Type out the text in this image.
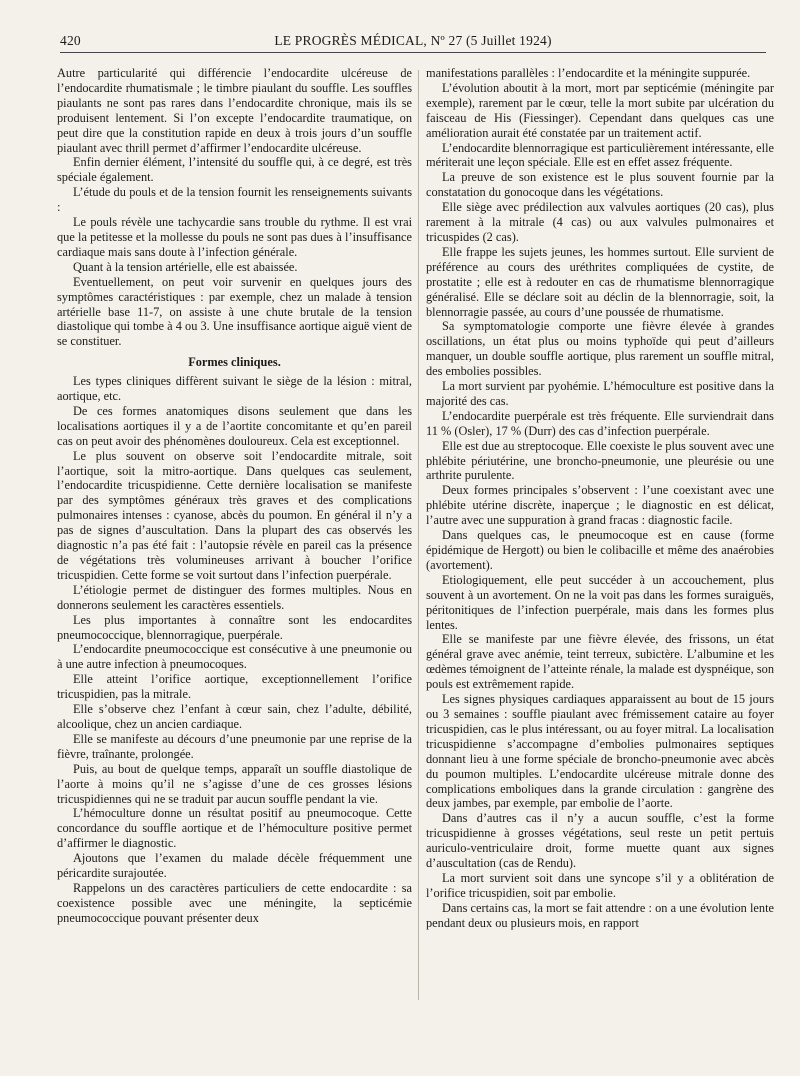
420	LE PROGRÈS MÉDICAL, Nº 27 (5 Juillet 1924)

Autre particularité qui différencie l’endocardite ulcéreuse de l’endocardite rhumatismale ; le timbre piaulant du souffle. Les souffles piaulants ne sont pas rares dans l’endocardite chronique, mais ils se produisent lentement. Si l’on excepte l’endocardite traumatique, on peut dire que la constitution rapide en deux à trois jours d’un souffle piaulant avec thrill permet d’affirmer l’endocardite ulcéreuse.

Enfin dernier élément, l’intensité du souffle qui, à ce degré, est très spéciale également.

L’étude du pouls et de la tension fournit les renseignements suivants :

Le pouls révèle une tachycardie sans trouble du rythme. Il est vrai que la petitesse et la mollesse du pouls ne sont pas dues à l’insuffisance cardiaque mais sans doute à l’infection générale.

Quant à la tension artérielle, elle est abaissée.

Eventuellement, on peut voir survenir en quelques jours des symptômes caractéristiques : par exemple, chez un malade à tension artérielle base 11-7, on assiste à une chute brutale de la tension diastolique qui tombe à 4 ou 3. Une insuffisance aortique aiguë vient de se constituer.

Formes cliniques.

Les types cliniques diffèrent suivant le siège de la lésion : mitral, aortique, etc.

De ces formes anatomiques disons seulement que dans les localisations aortiques il y a de l’aortite concomitante et qu’en pareil cas on peut avoir des phénomènes douloureux. Cela est exceptionnel.

Le plus souvent on observe soit l’endocardite mitrale, soit l’aortique, soit la mitro-aortique. Dans quelques cas seulement, l’endocardite tricuspidienne. Cette dernière localisation se manifeste par des symptômes généraux très graves et des complications pulmonaires intenses : cyanose, abcès du poumon. En général il n’y a pas de signes d’auscultation. Dans la plupart des cas observés les diagnostic n’a pas été fait : l’autopsie révèle en pareil cas la présence de végétations très volumineuses arrivant à boucher l’orifice tricuspidien. Cette forme se voit surtout dans l’infection puerpérale.

L’étiologie permet de distinguer des formes multiples. Nous en donnerons seulement les caractères essentiels.

Les plus importantes à connaître sont les endocardites pneumococcique, blennorragique, puerpérale.

L’endocardite pneumococcique est consécutive à une pneumonie ou à une autre infection à pneumocoques.

Elle atteint l’orifice aortique, exceptionnellement l’orifice tricuspidien, pas la mitrale.

Elle s’observe chez l’enfant à cœur sain, chez l’adulte, débilité, alcoolique, chez un ancien cardiaque.

Elle se manifeste au décours d’une pneumonie par une reprise de la fièvre, traînante, prolongée.

Puis, au bout de quelque temps, apparaît un souffle diastolique de l’aorte à moins qu’il ne s’agisse d’une de ces grosses lésions tricuspidiennes qui ne se traduit par aucun souffle pendant la vie.

L’hémoculture donne un résultat positif au pneumocoque. Cette concordance du souffle aortique et de l’hémoculture positive permet d’affirmer le diagnostic.

Ajoutons que l’examen du malade décèle fréquemment une péricardite surajoutée.

Rappelons un des caractères particuliers de cette endocardite : sa coexistence possible avec une méningite, la septicémie pneumococcique pouvant présenter deux

manifestations parallèles : l’endocardite et la méningite suppurée.

L’évolution aboutit à la mort, mort par septicémie (méningite par exemple), rarement par le cœur, telle la mort subite par ulcération du faisceau de His (Fiessinger). Cependant dans quelques cas une amélioration aurait été constatée par un traitement actif.

L’endocardite blennorragique est particulièrement intéressante, elle mériterait une leçon spéciale. Elle est en effet assez fréquente.

La preuve de son existence est le plus souvent fournie par la constatation du gonocoque dans les végétations.

Elle siège avec prédilection aux valvules aortiques (20 cas), plus rarement à la mitrale (4 cas) ou aux valvules pulmonaires et tricuspides (2 cas).

Elle frappe les sujets jeunes, les hommes surtout. Elle survient de préférence au cours des uréthrites compliquées de cystite, de prostatite ; elle est à redouter en cas de rhumatisme blennorragique généralisé. Elle se déclare soit au déclin de la blennorragie, soit, la blennorragie passée, au cours d’une poussée de rhumatisme.

Sa symptomatologie comporte une fièvre élevée à grandes oscillations, un état plus ou moins typhoïde qui peut d’ailleurs manquer, un double souffle aortique, plus rarement un souffle mitral, des embolies possibles.

La mort survient par pyohémie. L’hémoculture est positive dans la majorité des cas.

L’endocardite puerpérale est très fréquente. Elle surviendrait dans 11 % (Osler), 17 % (Durr) des cas d’infection puerpérale.

Elle est due au streptocoque. Elle coexiste le plus souvent avec une phlébite périutérine, une broncho-pneumonie, une pleurésie ou une arthrite purulente.

Deux formes principales s’observent : l’une coexistant avec une phlébite utérine discrète, inaperçue ; le diagnostic en est délicat, l’autre avec une suppuration à grand fracas : diagnostic facile.

Dans quelques cas, le pneumocoque est en cause (forme épidémique de Hergott) ou bien le colibacille et même des anaérobies (avortement).

Etiologiquement, elle peut succéder à un accouchement, plus souvent à un avortement. On ne la voit pas dans les formes suraiguës, péritonitiques de l’infection puerpérale, mais dans les formes plus lentes.

Elle se manifeste par une fièvre élevée, des frissons, un état général grave avec anémie, teint terreux, subictère. L’albumine et les œdèmes témoignent de l’atteinte rénale, la malade est dyspnéique, son pouls est extrêmement rapide.

Les signes physiques cardiaques apparaissent au bout de 15 jours ou 3 semaines : souffle piaulant avec frémissement cataire au foyer tricuspidien, cas le plus intéressant, ou au foyer mitral. La localisation tricuspidienne s’accompagne d’embolies pulmonaires septiques donnant lieu à une forme spéciale de broncho-pneumonie avec abcès du poumon multiples. L’endocardite ulcéreuse mitrale donne des complications emboliques dans la grande circulation : gangrène des deux jambes, par exemple, par embolie de l’aorte.

Dans d’autres cas il n’y a aucun souffle, c’est la forme tricuspidienne à grosses végétations, seul reste un petit pertuis auriculo-ventriculaire droit, forme muette quant aux signes d’auscultation (cas de Rendu).

La mort survient soit dans une syncope s’il y a oblitération de l’orifice tricuspidien, soit par embolie.

Dans certains cas, la mort se fait attendre : on a une évolution lente pendant deux ou plusieurs mois, en rapport
